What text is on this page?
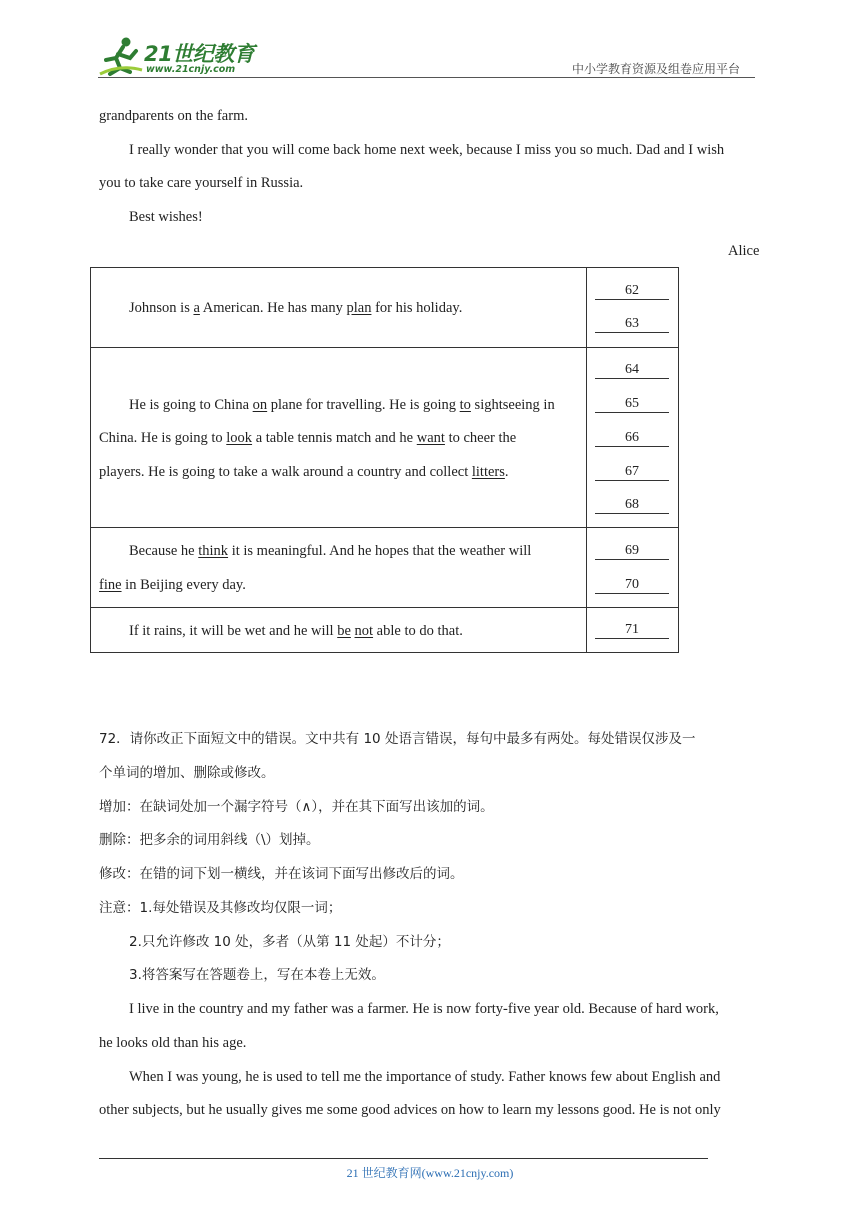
21世纪教育
www.21cnjy.com	中小学教育资源及组卷应用平台
grandparents on the farm.
I really wonder that you will come back home next week, because I miss you so much. Dad and I wish
you to take care yourself in Russia.
Best wishes!
Alice
Johnson is a American. He has many plan for his holiday.
He is going to China on plane for travelling. He is going to sightseeing in
China. He is going to look a table tennis match and he want to cheer the
players. He is going to take a walk around a country and collect litters.
Because he think it is meaningful. And he hopes that the weather will
fine in Beijing every day.
If it rains, it will be wet and he will be not able to do that.
62
63
64
65
66
67
68
69
70
71
72．请你改正下面短文中的错误。文中共有 10 处语言错误，每句中最多有两处。每处错误仅涉及一
个单词的增加、删除或修改。
增加：在缺词处加一个漏字符号（∧），并在其下面写出该加的词。
删除：把多余的词用斜线（\）划掉。
修改：在错的词下划一横线，并在该词下面写出修改后的词。
注意：1.每处错误及其修改均仅限一词；
2.只允许修改 10 处，多者（从第 11 处起）不计分；
3.将答案写在答题卷上，写在本卷上无效。
I live in the country and my father was a farmer. He is now forty-five year old. Because of hard work,
he looks old than his age.
When I was young, he is used to tell me the importance of study. Father knows few about English and
other subjects, but he usually gives me some good advices on how to learn my lessons good. He is not only
21 世纪教育网(www.21cnjy.com)
